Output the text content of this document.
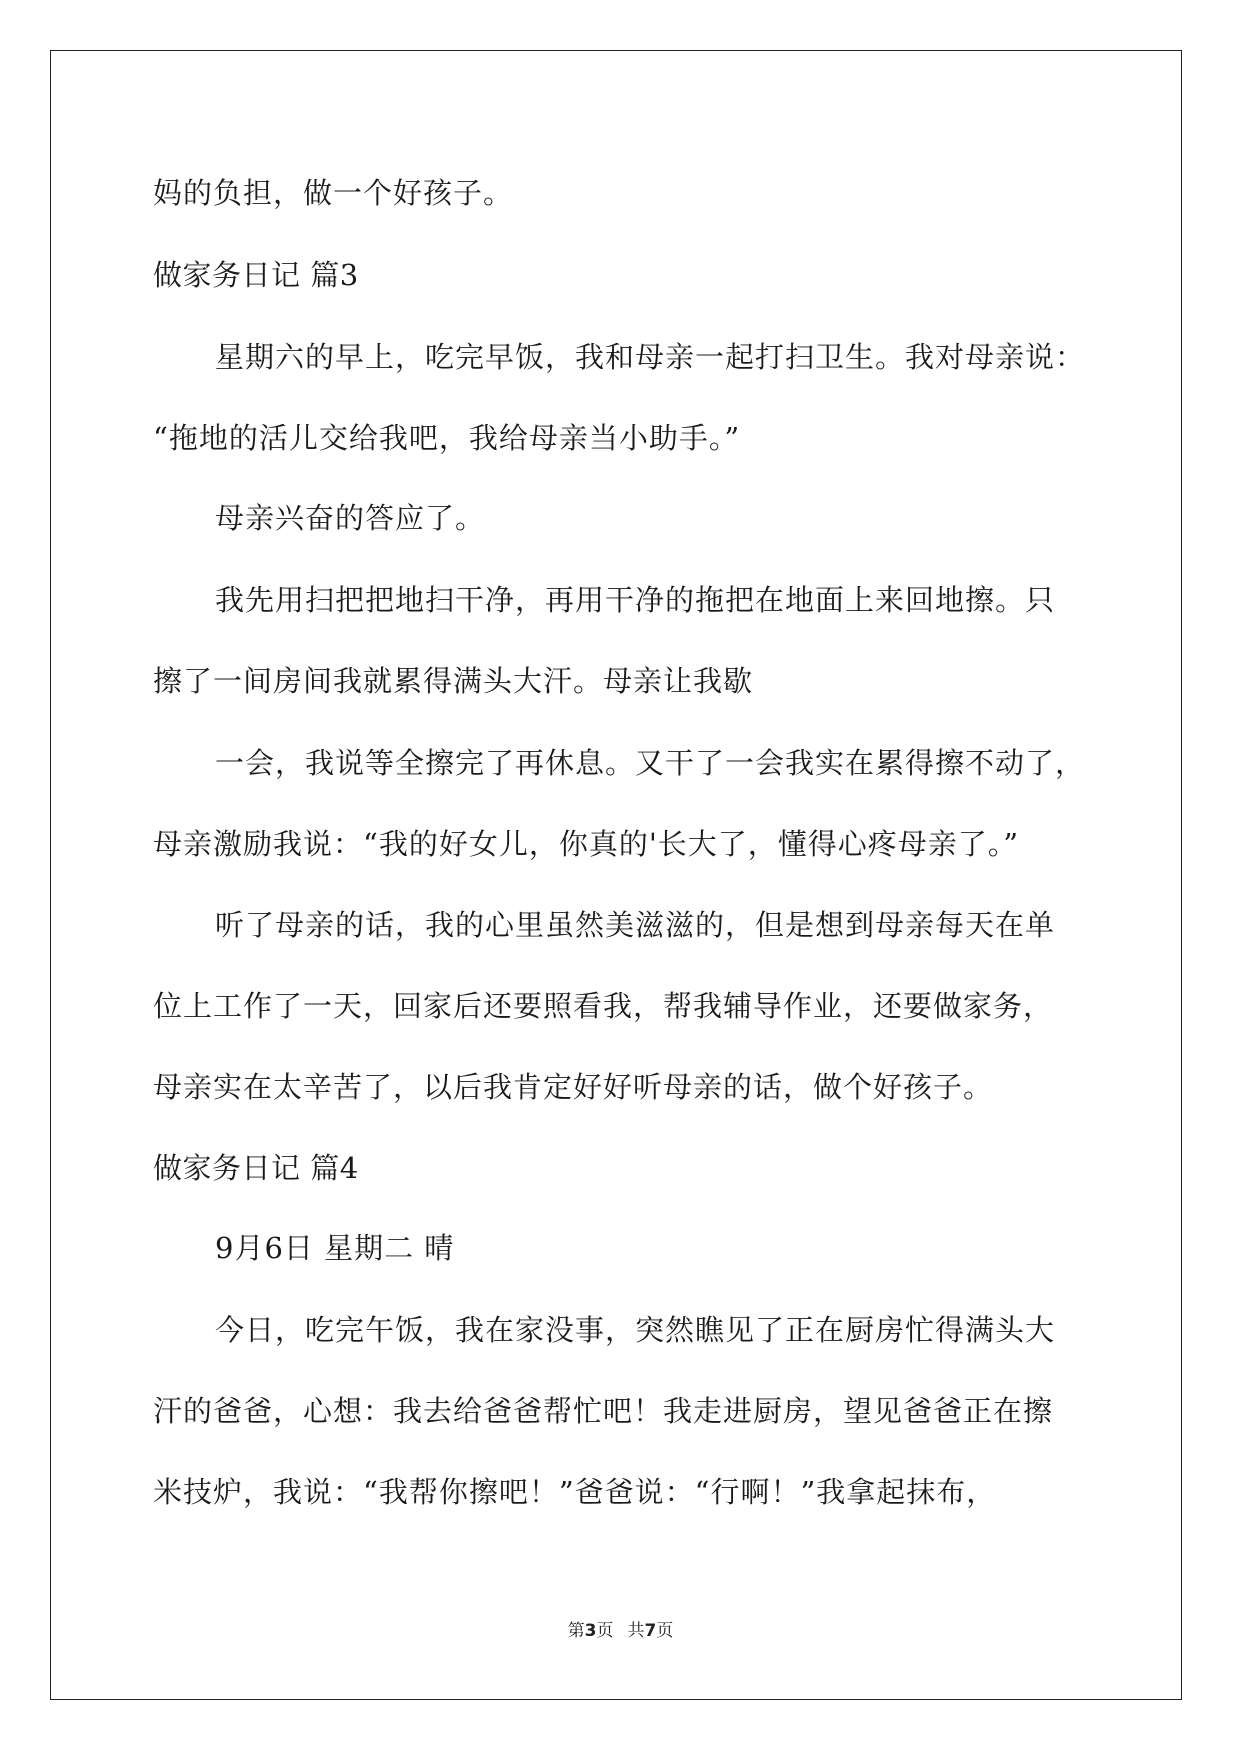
妈的负担，做一个好孩子。
做家务日记 篇3
星期六的早上，吃完早饭，我和母亲一起打扫卫生。我对母亲说：
“拖地的活儿交给我吧，我给母亲当小助手。”
母亲兴奋的答应了。
我先用扫把把地扫干净，再用干净的拖把在地面上来回地擦。只
擦了一间房间我就累得满头大汗。母亲让我歇
一会，我说等全擦完了再休息。又干了一会我实在累得擦不动了，
母亲激励我说：“我的好女儿，你真的'长大了，懂得心疼母亲了。”
听了母亲的话，我的心里虽然美滋滋的，但是想到母亲每天在单
位上工作了一天，回家后还要照看我，帮我辅导作业，还要做家务，
母亲实在太辛苦了，以后我肯定好好听母亲的话，做个好孩子。
做家务日记 篇4
9月6日 星期二 晴
今日，吃完午饭，我在家没事，突然瞧见了正在厨房忙得满头大
汗的爸爸，心想：我去给爸爸帮忙吧！我走进厨房，望见爸爸正在擦
米技炉，我说：“我帮你擦吧！”爸爸说：“行啊！”我拿起抹布，
第3页 共7页
